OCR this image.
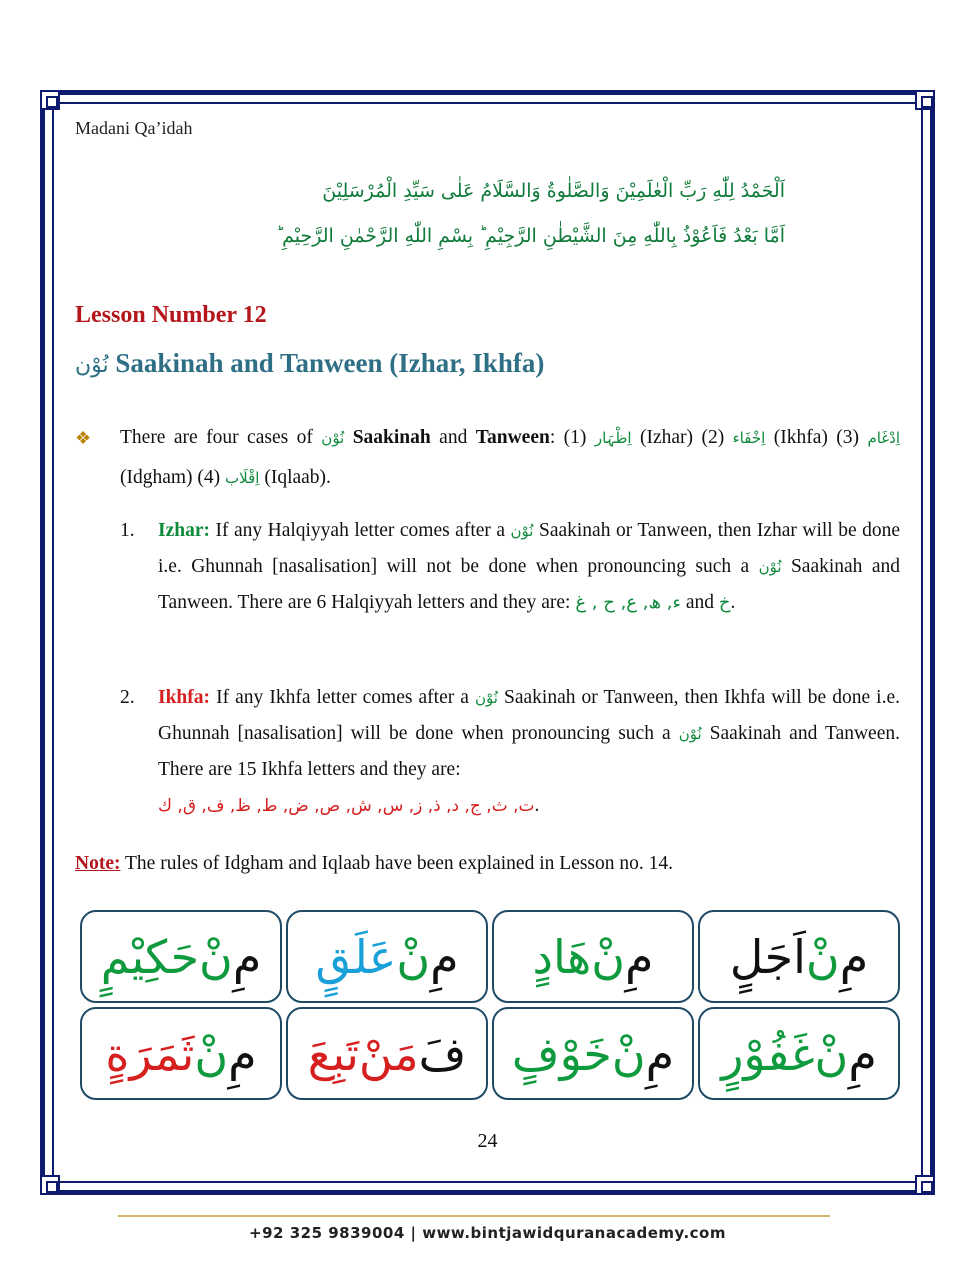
Madani Qa’idah
اَلْحَمْدُ لِلّٰهِ رَبِّ الْعٰلَمِيْنَ وَالصَّلٰوةُ وَالسَّلَامُ عَلٰى سَيِّدِ الْمُرْسَلِيْنَ
اَمَّا بَعْدُ فَاَعُوْذُ بِاللّٰهِ مِنَ الشَّيْطٰنِ الرَّجِيْمِ ؕ بِسْمِ اللّٰهِ الرَّحْمٰنِ الرَّحِيْمِ ؕ
Lesson Number 12
نُوْن Saakinah and Tanween (Izhar, Ikhfa)
❖ There are four cases of نُوْن Saakinah and Tanween: (1) اِظْہَار (Izhar) (2) اِخْفَاء (Ikhfa) (3) اِدْغَام (Idgham) (4) اِقْلَاب (Iqlaab).
1. Izhar: If any Halqiyyah letter comes after a نُوْن Saakinah or Tanween, then Izhar will be done i.e. Ghunnah [nasalisation] will not be done when pronouncing such a نُوْن Saakinah and Tanween. There are 6 Halqiyyah letters and they are: ء, ھ, ع, ح , غ and خ.
2. Ikhfa: If any Ikhfa letter comes after a نُوْن Saakinah or Tanween, then Ikhfa will be done i.e. Ghunnah [nasalisation] will be done when pronouncing such a نُوْن Saakinah and Tanween. There are 15 Ikhfa letters and they are:
ت, ث, ج, د, ذ, ز, س, ش, ص, ض, ط, ظ, ف, ق, ك.
Note: The rules of Idgham and Iqlaab have been explained in Lesson no. 14.
مِ
نْ
اَجَلٍ
مِ
نْ
هَادٍ
مِ
نْ
عَلَقٍ
مِ
نْ
حَكِيْمٍ
مِ
نْ
غَفُوْرٍ
مِ
نْ
خَوْفٍ
فَ
مَنْ
تَبِعَ
مِ
نْ
ثَمَرَةٍ
24
+92 325 9839004 | www.bintjawidquranacademy.com
